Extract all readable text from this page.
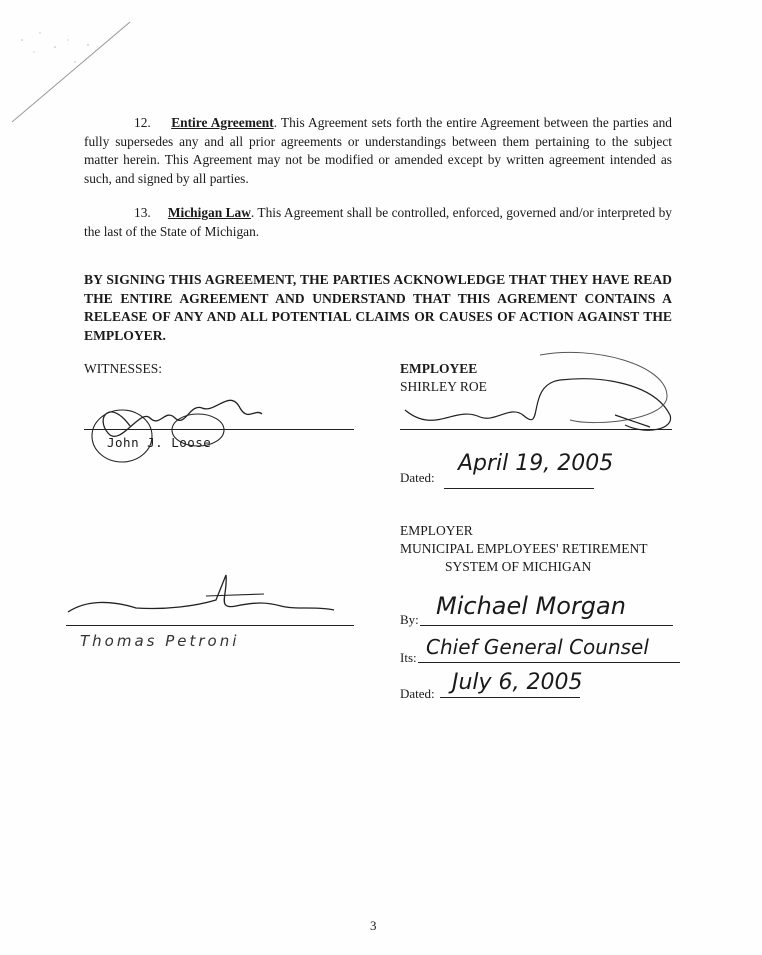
12. Entire Agreement. This Agreement sets forth the entire Agreement between the parties and fully supersedes any and all prior agreements or understandings between them pertaining to the subject matter herein. This Agreement may not be modified or amended except by written agreement intended as such, and signed by all parties.
13. Michigan Law. This Agreement shall be controlled, enforced, governed and/or interpreted by the last of the State of Michigan.
BY SIGNING THIS AGREEMENT, THE PARTIES ACKNOWLEDGE THAT THEY HAVE READ THE ENTIRE AGREEMENT AND UNDERSTAND THAT THIS AGREMENT CONTAINS A RELEASE OF ANY AND ALL POTENTIAL CLAIMS OR CAUSES OF ACTION AGAINST THE EMPLOYER.
WITNESSES:
John J. Loose
Thomas Petroni
EMPLOYEE
SHIRLEY ROE
Dated:
April 19, 2005
EMPLOYER
MUNICIPAL EMPLOYEES' RETIREMENT
SYSTEM OF MICHIGAN
By: Michael Morgan
Its: Chief General Counsel
Dated: July 6, 2005
3
